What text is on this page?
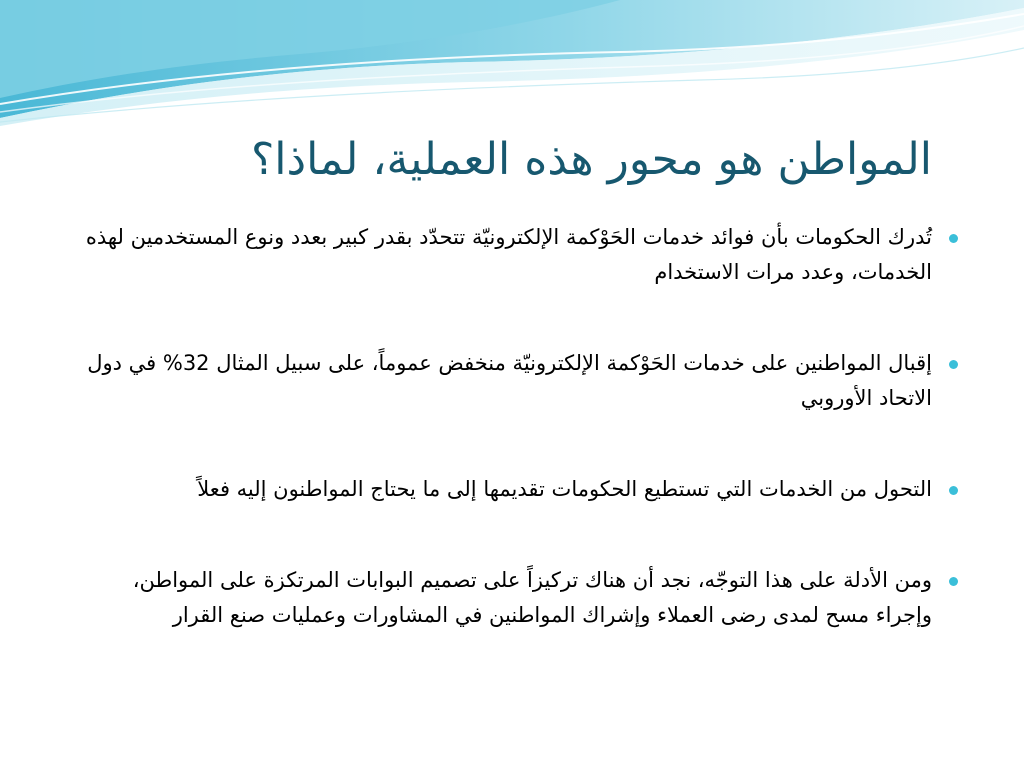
المواطن هو محور هذه العملية، لماذا؟
تُدرك الحكومات بأن فوائد خدمات الحَوْكمة الإلكترونيّة تتحدّد بقدر كبير بعدد ونوع المستخدمين لهذه الخدمات، وعدد مرات الاستخدام
إقبال المواطنين على خدمات الحَوْكمة الإلكترونيّة منخفض عموماً، على سبيل المثال 32% في دول الاتحاد الأوروبي
التحول من الخدمات التي تستطيع الحكومات تقديمها إلى ما يحتاج المواطنون إليه فعلاً
ومن الأدلة على هذا التوجّه، نجد أن هناك تركيزاً على تصميم البوابات المرتكزة على المواطن، وإجراء مسح لمدى رضى العملاء وإشراك المواطنين في المشاورات وعمليات صنع القرار
